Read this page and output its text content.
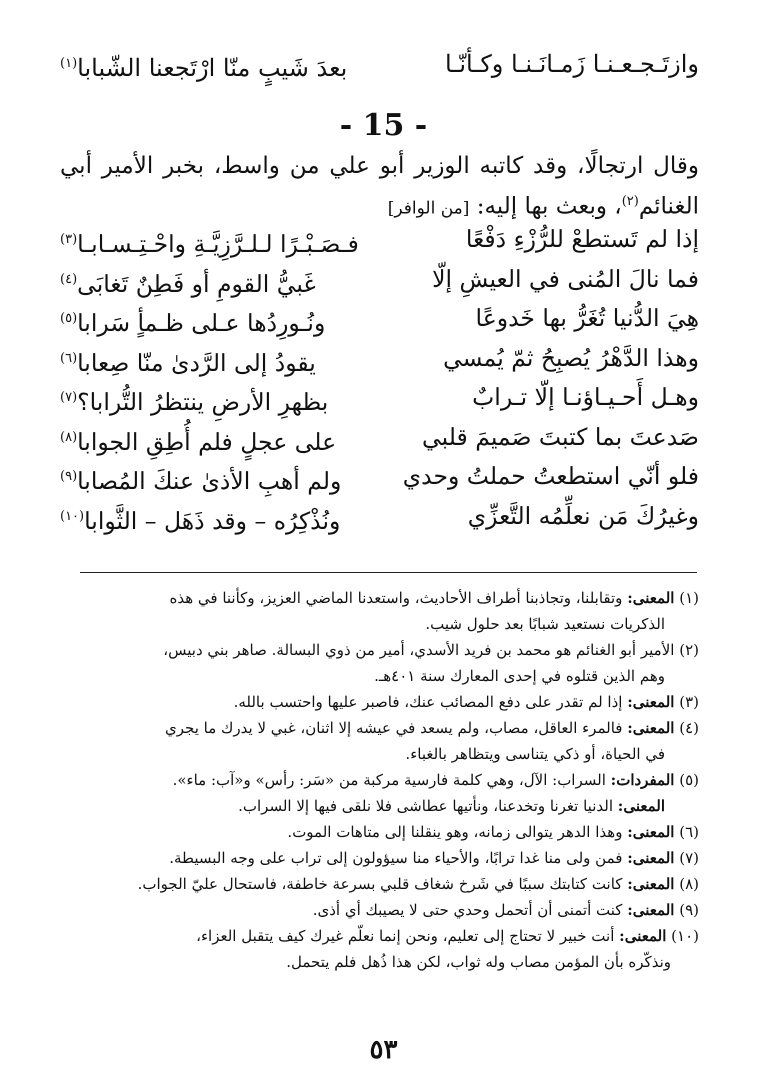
وازتَـجـعـنـا زَمـانَـنـا وكـأنّـا
بعدَ شَيبٍ منّا ارْتَجعنا الشّبابا$^{(١)}$
- 15 -
وقال ارتجالًا، وقد كاتبه الوزير أبو علي من واسط، بخبر الأمير أبي الغنائم$^{(٢)}$، وبعث بها إليه: [من الوافر]
إذا لم تَستطعْ للرُّزْءِ دَفْعًا
فـصَـبْـرًا لـلـرَّزِيَّـةِ واحْـتِـسـابـا$^{(٣)}$
فما نالَ المُنى في العيشِ إلّا
غَبيُّ القومِ أو فَطِنٌ تَغابَى$^{(٤)}$
هِيَ الدُّنيا تُغَرُّ بها خَدوعًا
ونُـورِدُها عـلى ظـمأٍ سَرابا$^{(٥)}$
وهذا الدَّهْرُ يُصبِحُ ثمّ يُمسي
يقودُ إلى الرَّدىٰ منّا صِعابا$^{(٦)}$
وهـل أَحـيـاؤنـا إلّا تـرابٌ
بظهرِ الأرضِ ينتظرُ التُّرابا؟$^{(٧)}$
صَدعتَ بما كتبتَ صَميمَ قلبي
على عجلٍ فلم أُطِقِ الجوابا$^{(٨)}$
فلو أنّي استطعتُ حملتُ وحدي
ولم أهبِ الأذىٰ عنكَ المُصابا$^{(٩)}$
وغيرُكَ مَن نعلِّمُه التَّعزِّي
ونُذْكِرُه – وقد ذَهَل – الثَّوابا$^{(١٠)}$

(١) المعنى: وتقابلنا، وتجاذبنا أطراف الأحاديث، واستعدنا الماضي العزيز، وكأننا في هذه
الذكريات نستعيد شبابًا بعد حلول شيب.

(٢) الأمير أبو الغنائم هو محمد بن فريد الأسدي، أمير من ذوي البسالة. صاهر بني دبيس،
وهم الذين قتلوه في إحدى المعارك سنة ٤٠١هـ.

(٣) المعنى: إذا لم تقدر على دفع المصائب عنك، فاصبر عليها واحتسب بالله.

(٤) المعنى: فالمرء العاقل، مصاب، ولم يسعد في عيشه إلا اثنان، غبي لا يدرك ما يجري
في الحياة، أو ذكي يتناسى ويتظاهر بالغباء.

(٥) المفردات: السراب: الآل، وهي كلمة فارسية مركبة من «سَر: رأس» و«آب: ماء».

المعنى: الدنيا تغرنا وتخدعنا، ونأتيها عطاشى فلا نلقى فيها إلا السراب.

(٦) المعنى: وهذا الدهر يتوالى زمانه، وهو ينقلنا إلى متاهات الموت.

(٧) المعنى: فمن ولى منا غدا ترابًا، والأحياء منا سيؤولون إلى تراب على وجه البسيطة.

(٨) المعنى: كانت كتابتك سببًا في شَرخ شغاف قلبي بسرعة خاطفة، فاستحال عليّ الجواب.

(٩) المعنى: كنت أتمنى أن أتحمل وحدي حتى لا يصيبك أي أذى.

(١٠) المعنى: أنت خبير لا تحتاج إلى تعليم، ونحن إنما نعلّم غيرك كيف يتقبل العزاء،
ونذكّره بأن المؤمن مصاب وله ثواب، لكن هذا ذُهل فلم يتحمل.

٥٣
